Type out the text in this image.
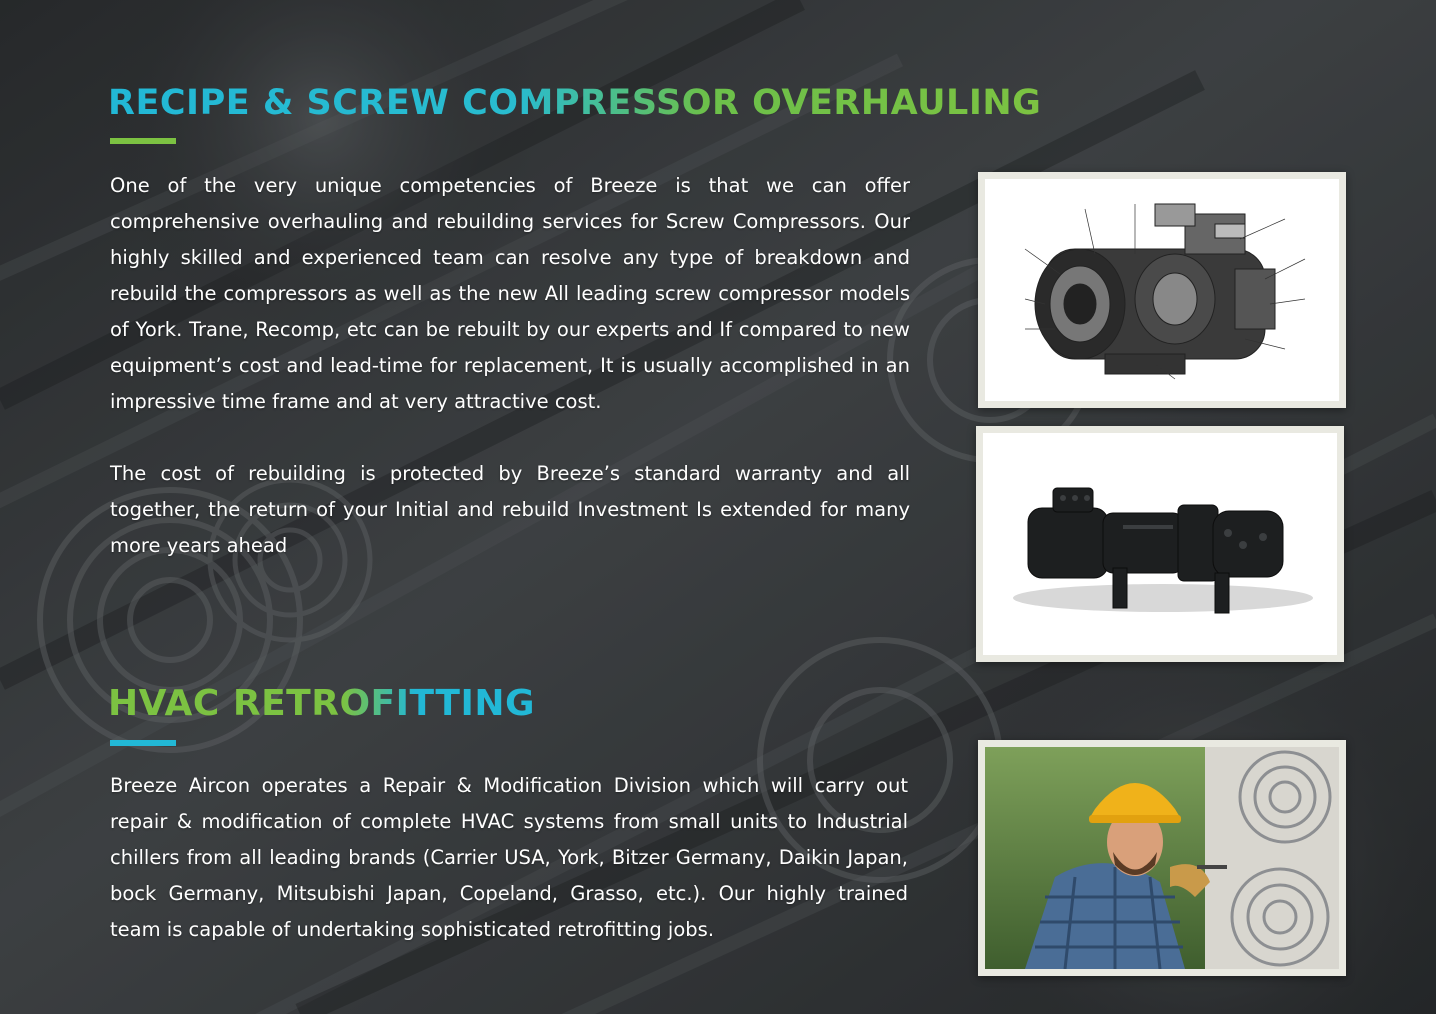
RECIPE & SCREW COMPRESSOR OVERHAULING

One of the very unique competencies of Breeze is that we can offer comprehensive overhauling and rebuilding services for Screw Compressors. Our highly skilled and experienced team can resolve any type of breakdown and rebuild the compressors as well as the new All leading screw compressor models of York. Trane, Recomp, etc can be rebuilt by our experts and If compared to new equipment’s cost and lead-time for replacement, It is usually accomplished in an impressive time frame and at very attractive cost.

The cost of rebuilding is protected by Breeze’s standard warranty and all together, the return of your Initial and rebuild Investment Is extended for many more years ahead

HVAC RETROFITTING

Breeze Aircon operates a Repair & Modification Division which will carry out repair & modification of complete HVAC systems from small units to Industrial chillers from all leading brands (Carrier USA, York, Bitzer Germany, Daikin Japan, bock Germany, Mitsubishi Japan, Copeland, Grasso, etc.). Our highly trained team is capable of undertaking sophisticated retrofitting jobs.
